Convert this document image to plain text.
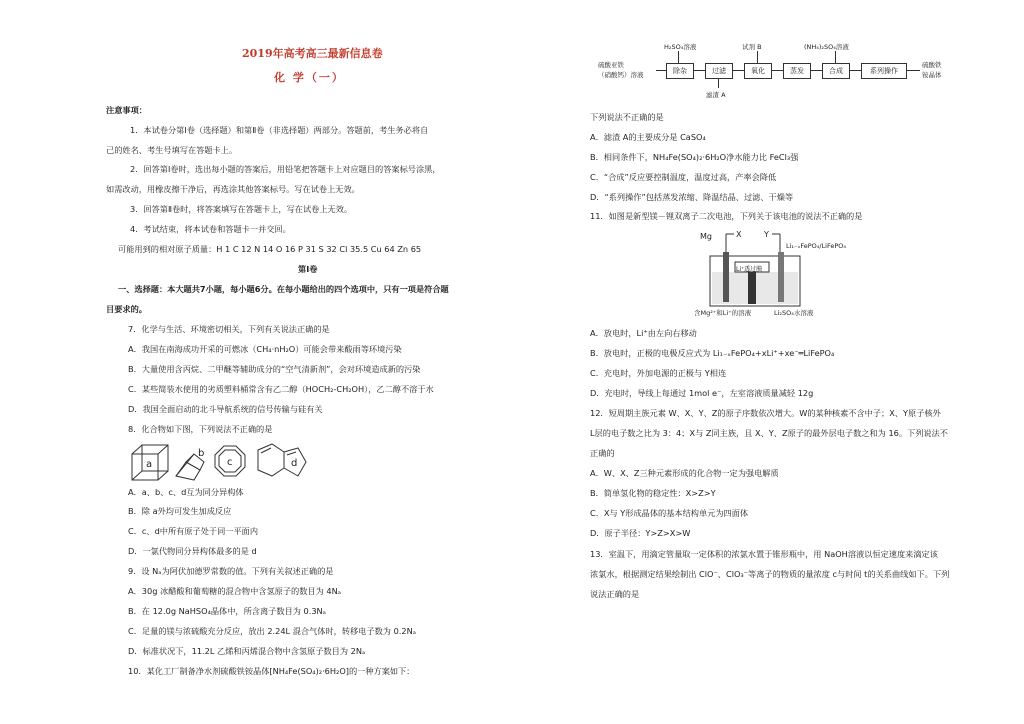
2019年高考高三最新信息卷
化 学（一）
注意事项：
1．本试卷分第Ⅰ卷（选择题）和第Ⅱ卷（非选择题）两部分。答题前，考生务必将自
己的姓名、考生号填写在答题卡上。
2．回答第Ⅰ卷时，选出每小题的答案后，用铅笔把答题卡上对应题目的答案标号涂黑，
如需改动，用橡皮擦干净后，再选涂其他答案标号。写在试卷上无效。
3．回答第Ⅱ卷时，将答案填写在答题卡上，写在试卷上无效。
4．考试结束，将本试卷和答题卡一并交回。
可能用到的相对原子质量：H 1 C 12 N 14 O 16 P 31 S 32 Cl 35.5 Cu 64 Zn 65
第Ⅰ卷
一、选择题：本大题共7小题，每小题6分。在每小题给出的四个选项中，只有一项是符合题
目要求的。
7．化学与生活、环境密切相关，下列有关说法正确的是
A．我国在南海成功开采的可燃冰（CH₄·nH₂O）可能会带来酸雨等环境污染
B．大量使用含丙烷、二甲醚等辅助成分的“空气清新剂”，会对环境造成新的污染
C．某些简装水使用的劣质塑料桶常含有乙二醇（HOCH₂-CH₂OH），乙二醇不溶于水
D．我国全面启动的北斗导航系统的信号传输与硅有关
8．化合物如下图，下列说法不正确的是
a
b
c	d
A．a、b、c、d互为同分异构体
B．除 a外均可发生加成反应
C．c、d中所有原子处于同一平面内
D．一氯代物同分异构体最多的是 d
9．设 Nₐ为阿伏加德罗常数的值。下列有关叙述正确的是
A．30g 冰醋酸和葡萄糖的混合物中含氢原子的数目为 4Nₐ
B．在 12.0g NaHSO₄晶体中，所含离子数目为 0.3Nₐ
C．足量的镁与浓硫酸充分反应，放出 2.24L 混合气体时，转移电子数为 0.2Nₐ
D．标准状况下，11.2L 乙烯和丙烯混合物中含氢原子数目为 2Nₐ
10．某化工厂制备净水剂硫酸铁铵晶体[NH₄Fe(SO₄)₂·6H₂O]的一种方案如下：
硫酸亚铁
（硝酸钙）溶液	除杂	过滤	氧化	蒸发	合成	系列操作
硫酸铁
铵晶体
H₂SO₄溶液	试剂 B	(NH₄)₂SO₄溶液
滤渣 A
下列说法不正确的是
A．滤渣 A的主要成分是 CaSO₄
B．相同条件下，NH₄Fe(SO₄)₂·6H₂O净水能力比 FeCl₃强
C．“合成”反应要控制温度，温度过高，产率会降低
D．“系列操作”包括蒸发浓缩、降温结晶、过滤、干燥等
11．如图是新型镁－锂双离子二次电池，下列关于该电池的说法不正确的是
Mg	X	Y
Li₁₋ₓFePO₄/LiFePO₄
Li⁺透过膜
含Mg²⁺和Li⁺的溶液	Li₂SO₄水溶液
A．放电时，Li⁺由左向右移动
B．放电时，正极的电极反应式为 Li₁₋ₓFePO₄+xLi⁺+xe⁻═LiFePO₄
C．充电时，外加电源的正极与 Y相连
D．充电时，导线上每通过 1mol e⁻，左室溶液质量减轻 12g
12．短周期主族元素 W、X、Y、Z的原子序数依次增大。W的某种核素不含中子；X、Y原子核外
L层的电子数之比为 3：4；X与 Z同主族，且 X、Y、Z原子的最外层电子数之和为 16。下列说法不
正确的
A．W、X、Z三种元素形成的化合物一定为强电解质
B．简单氢化物的稳定性：X>Z>Y
C．X与 Y形成晶体的基本结构单元为四面体
D．原子半径：Y>Z>X>W
13．室温下，用滴定管量取一定体积的浓氯水置于锥形瓶中，用 NaOH溶液以恒定速度来滴定该
浓氯水，根据测定结果绘制出 ClO⁻、ClO₃⁻等离子的物质的量浓度 c与时间 t的关系曲线如下。下列
说法正确的是
